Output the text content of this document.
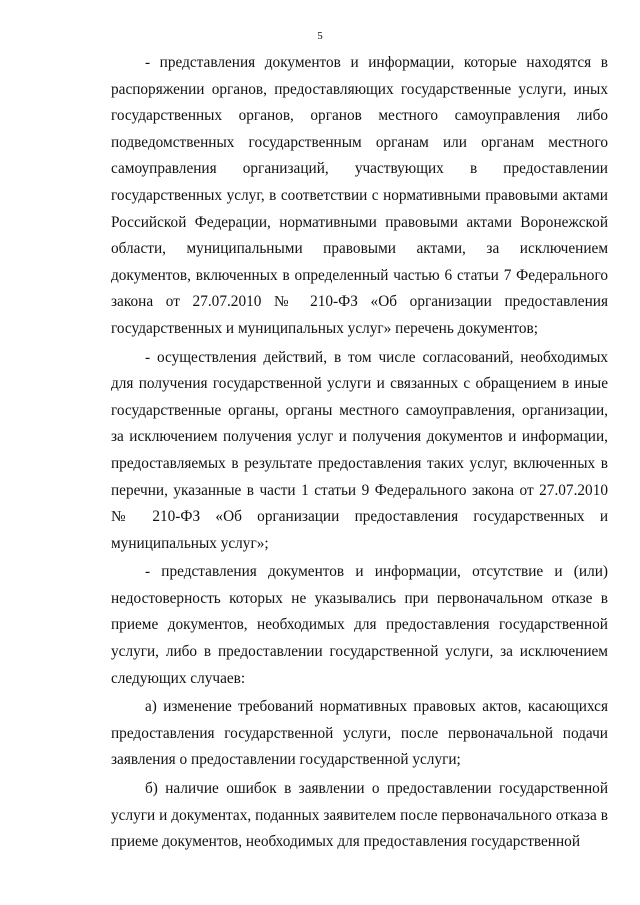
5

- представления документов и информации, которые находятся в распоряжении органов, предоставляющих государственные услуги, иных государственных органов, органов местного самоуправления либо подведомственных государственным органам или органам местного самоуправления организаций, участвующих в предоставлении государственных услуг, в соответствии с нормативными правовыми актами Российской Федерации, нормативными правовыми актами Воронежской области, муниципальными правовыми актами, за исключением документов, включенных в определенный частью 6 статьи 7 Федерального закона от 27.07.2010 № 210-ФЗ «Об организации предоставления государственных и муниципальных услуг» перечень документов;

- осуществления действий, в том числе согласований, необходимых для получения государственной услуги и связанных с обращением в иные государственные органы, органы местного самоуправления, организации, за исключением получения услуг и получения документов и информации, предоставляемых в результате предоставления таких услуг, включенных в перечни, указанные в части 1 статьи 9 Федерального закона от 27.07.2010 № 210-ФЗ «Об организации предоставления государственных и муниципальных услуг»;

- представления документов и информации, отсутствие и (или) недостоверность которых не указывались при первоначальном отказе в приеме документов, необходимых для предоставления государственной услуги, либо в предоставлении государственной услуги, за исключением следующих случаев:

а) изменение требований нормативных правовых актов, касающихся предоставления государственной услуги, после первоначальной подачи заявления о предоставлении государственной услуги;

б) наличие ошибок в заявлении о предоставлении государственной услуги и документах, поданных заявителем после первоначального отказа в приеме документов, необходимых для предоставления государственной
